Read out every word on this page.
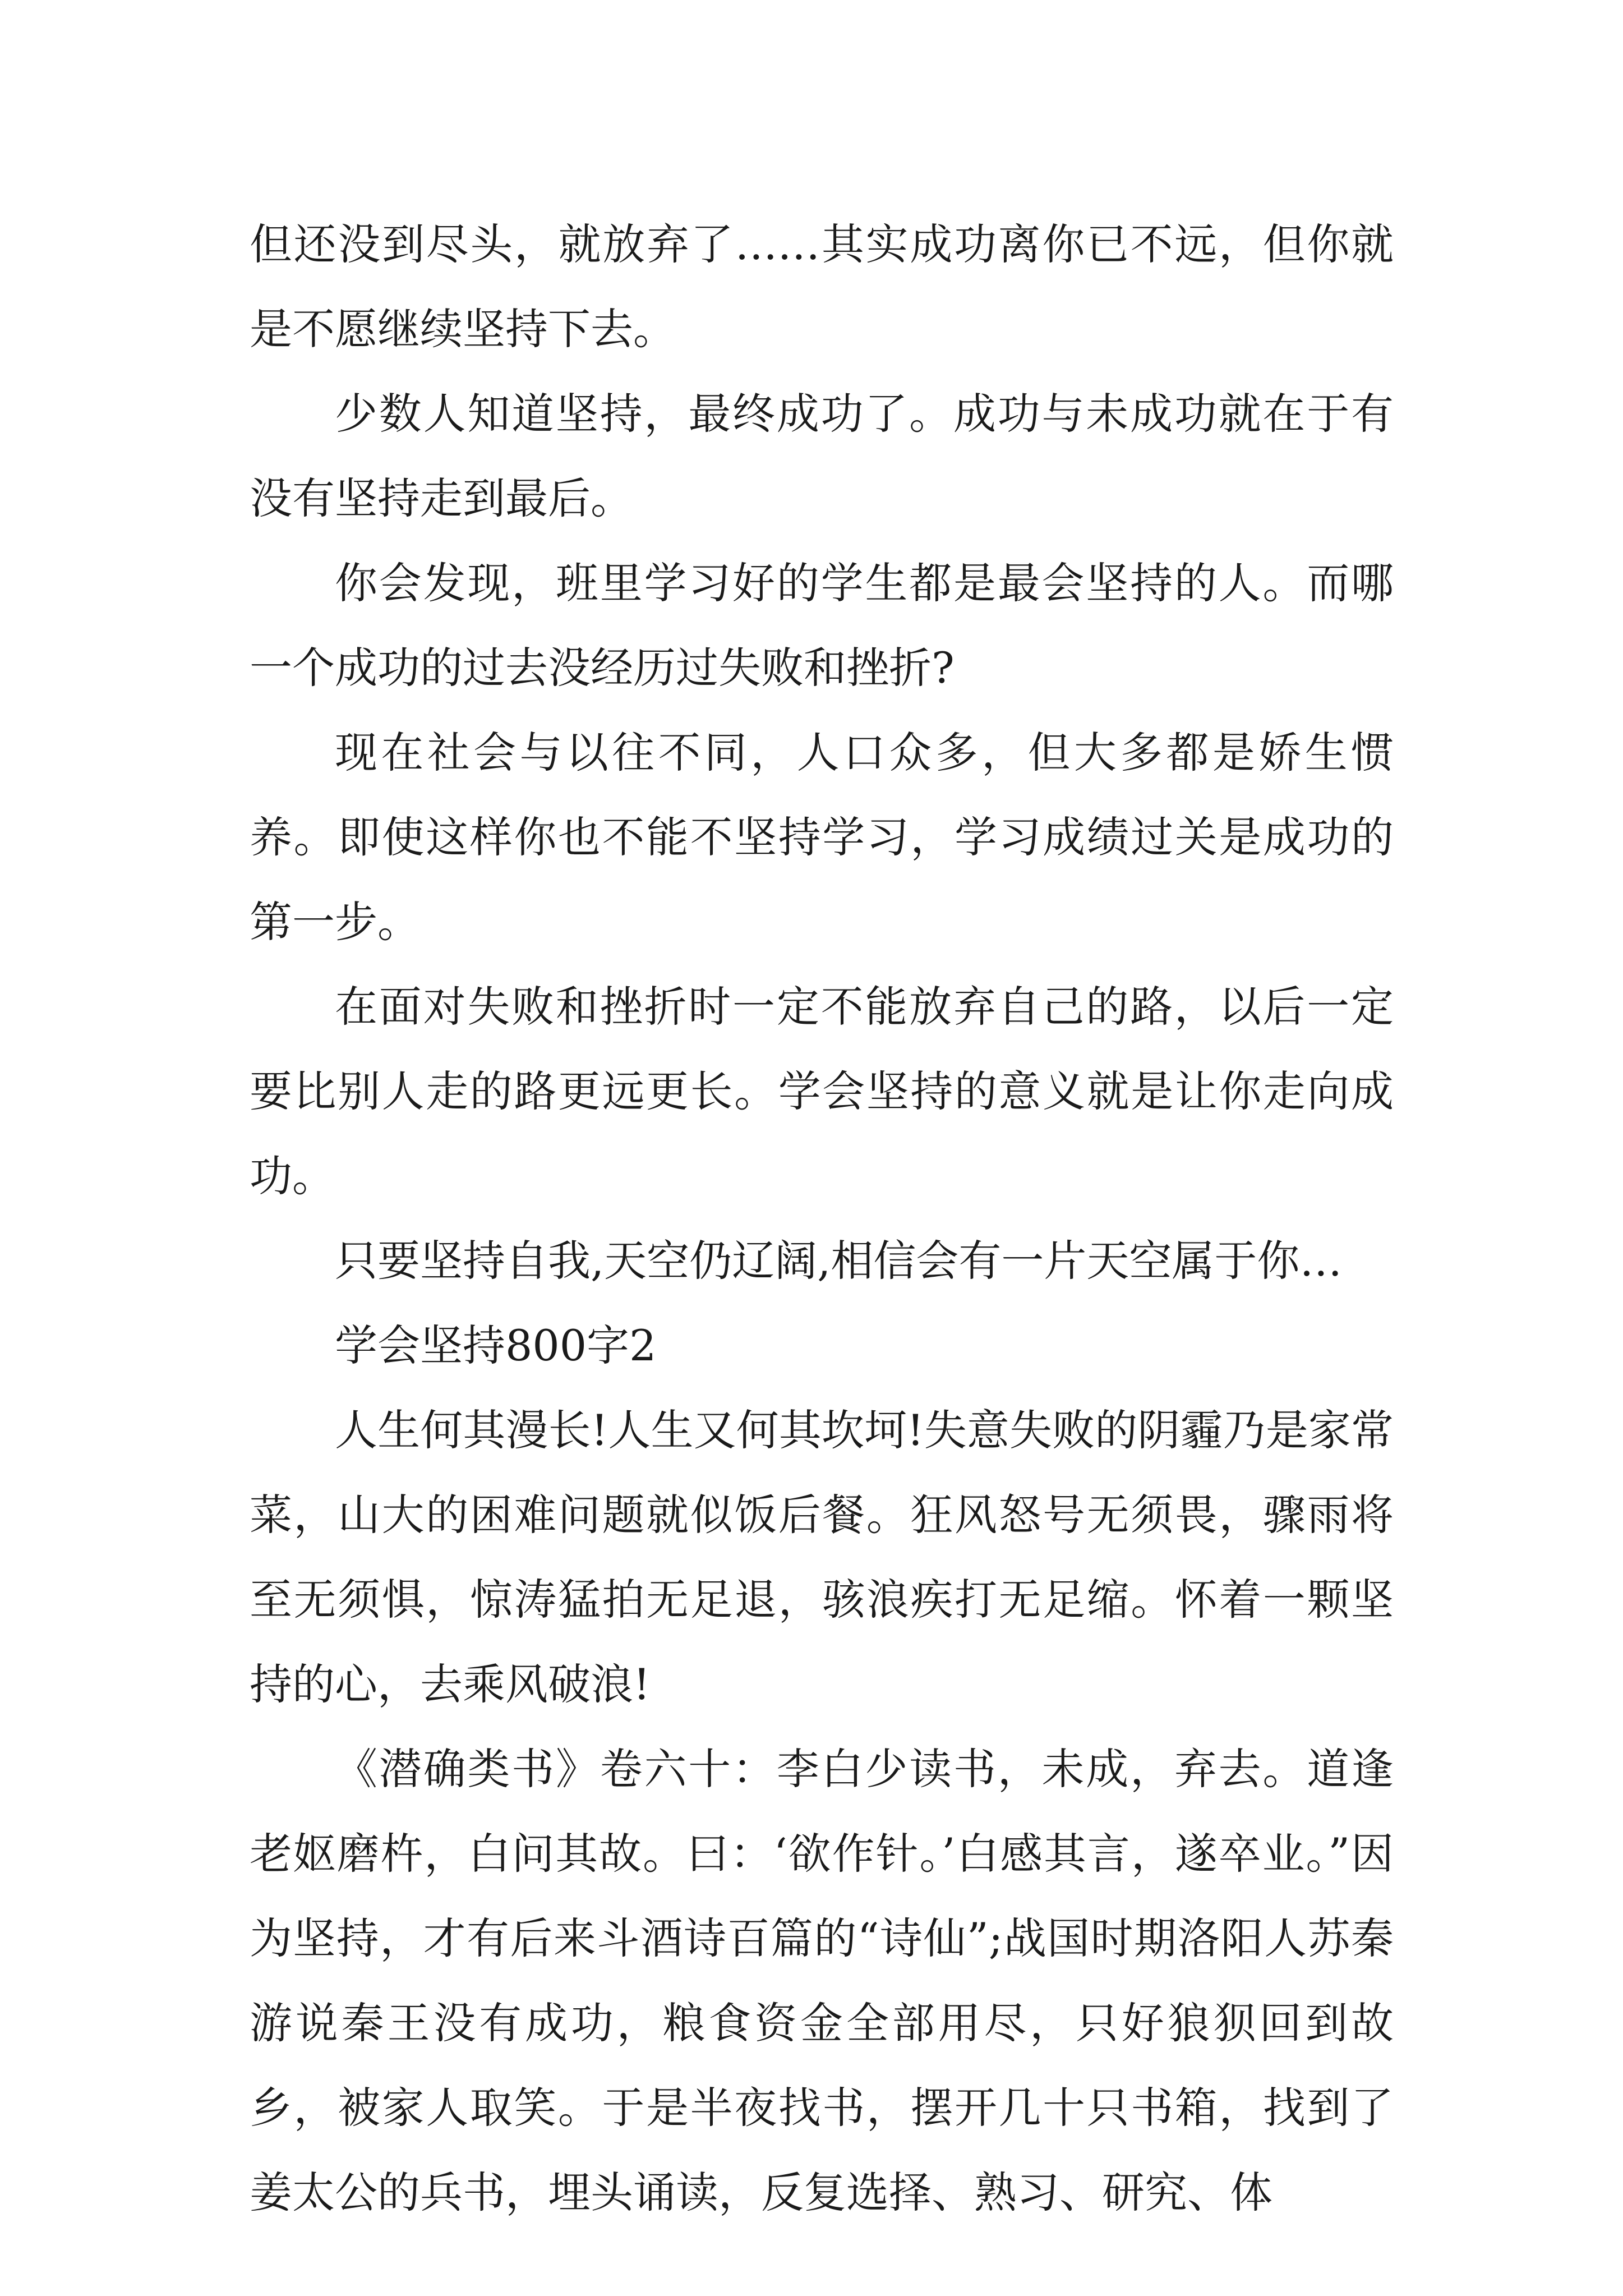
但还没到尽头，就放弃了……其实成功离你已不远，但你就是不愿继续坚持下去。

少数人知道坚持，最终成功了。成功与未成功就在于有没有坚持走到最后。

你会发现，班里学习好的学生都是最会坚持的人。而哪一个成功的过去没经历过失败和挫折?

现在社会与以往不同，人口众多，但大多都是娇生惯养。即使这样你也不能不坚持学习，学习成绩过关是成功的第一步。

在面对失败和挫折时一定不能放弃自己的路，以后一定要比别人走的路更远更长。学会坚持的意义就是让你走向成功。

只要坚持自我,天空仍辽阔,相信会有一片天空属于你…

学会坚持800字2

人生何其漫长!人生又何其坎坷!失意失败的阴霾乃是家常菜，山大的困难问题就似饭后餐。狂风怒号无须畏，骤雨将至无须惧，惊涛猛拍无足退，骇浪疾打无足缩。怀着一颗坚持的心，去乘风破浪!

《潜确类书》卷六十：李白少读书，未成，弃去。道逢老妪磨杵，白问其故。曰：‘欲作针。’白感其言，遂卒业。”因为坚持，才有后来斗酒诗百篇的“诗仙”;战国时期洛阳人苏秦游说秦王没有成功，粮食资金全部用尽，只好狼狈回到故乡，被家人取笑。于是半夜找书，摆开几十只书箱，找到了姜太公的兵书，埋头诵读，反复选择、熟习、研究、体
